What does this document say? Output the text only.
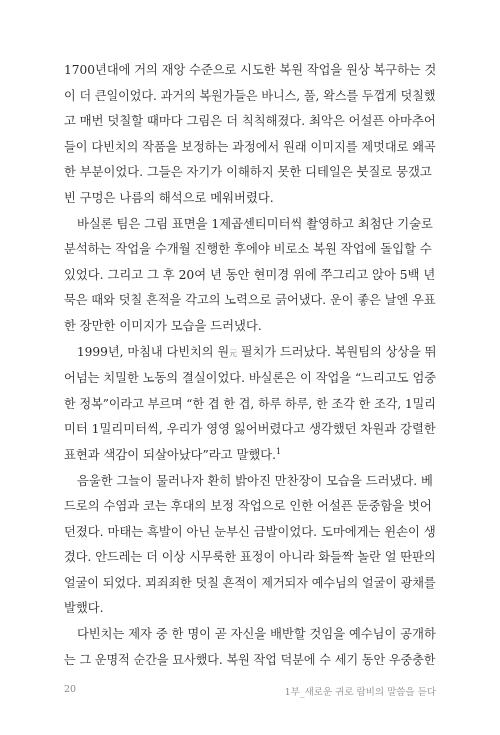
1700년대에 거의 재앙 수준으로 시도한 복원 작업을 원상 복구하는 것
이 더 큰일이었다. 과거의 복원가들은 바니스, 풀, 왁스를 두껍게 덧칠했
고 매번 덧칠할 때마다 그림은 더 칙칙해졌다. 최악은 어설픈 아마추어
들이 다빈치의 작품을 보정하는 과정에서 원래 이미지를 제멋대로 왜곡
한 부분이었다. 그들은 자기가 이해하지 못한 디테일은 붓질로 뭉갰고
빈 구멍은 나름의 해석으로 메워버렸다.
바실론 팀은 그림 표면을 1제곱센티미터씩 촬영하고 최첨단 기술로
분석하는 작업을 수개월 진행한 후에야 비로소 복원 작업에 돌입할 수
있었다. 그리고 그 후 20여 년 동안 현미경 위에 쭈그리고 앉아 5백 년
묵은 때와 덧칠 흔적을 각고의 노력으로 긁어냈다. 운이 좋은 날엔 우표
한 장만한 이미지가 모습을 드러냈다.
1999년, 마침내 다빈치의 원元 필치가 드러났다. 복원팀의 상상을 뛰
어넘는 치밀한 노동의 결실이었다. 바실론은 이 작업을 “느리고도 엄중
한 정복”이라고 부르며 “한 겹 한 겹, 하루 하루, 한 조각 한 조각, 1밀리
미터 1밀리미터씩, 우리가 영영 잃어버렸다고 생각했던 차원과 강렬한
표현과 색감이 되살아났다”라고 말했다.$^1$
음울한 그늘이 물러나자 환히 밝아진 만찬장이 모습을 드러냈다. 베
드로의 수염과 코는 후대의 보정 작업으로 인한 어설픈 둔중함을 벗어
던졌다. 마태는 흑발이 아닌 눈부신 금발이었다. 도마에게는 윈손이 생
겼다. 안드레는 더 이상 시무룩한 표정이 아니라 화들짝 놀란 얼 딴판의
얼굴이 되었다. 꾀죄죄한 덧칠 흔적이 제거되자 예수님의 얼굴이 광채를
발했다.
다빈치는 제자 중 한 명이 곧 자신을 배반할 것임을 예수님이 공개하
는 그 운명적 순간을 묘사했다. 복원 작업 덕분에 수 세기 동안 우중충한
20	1부_새로운 귀로 랍비의 말씀을 듣다
